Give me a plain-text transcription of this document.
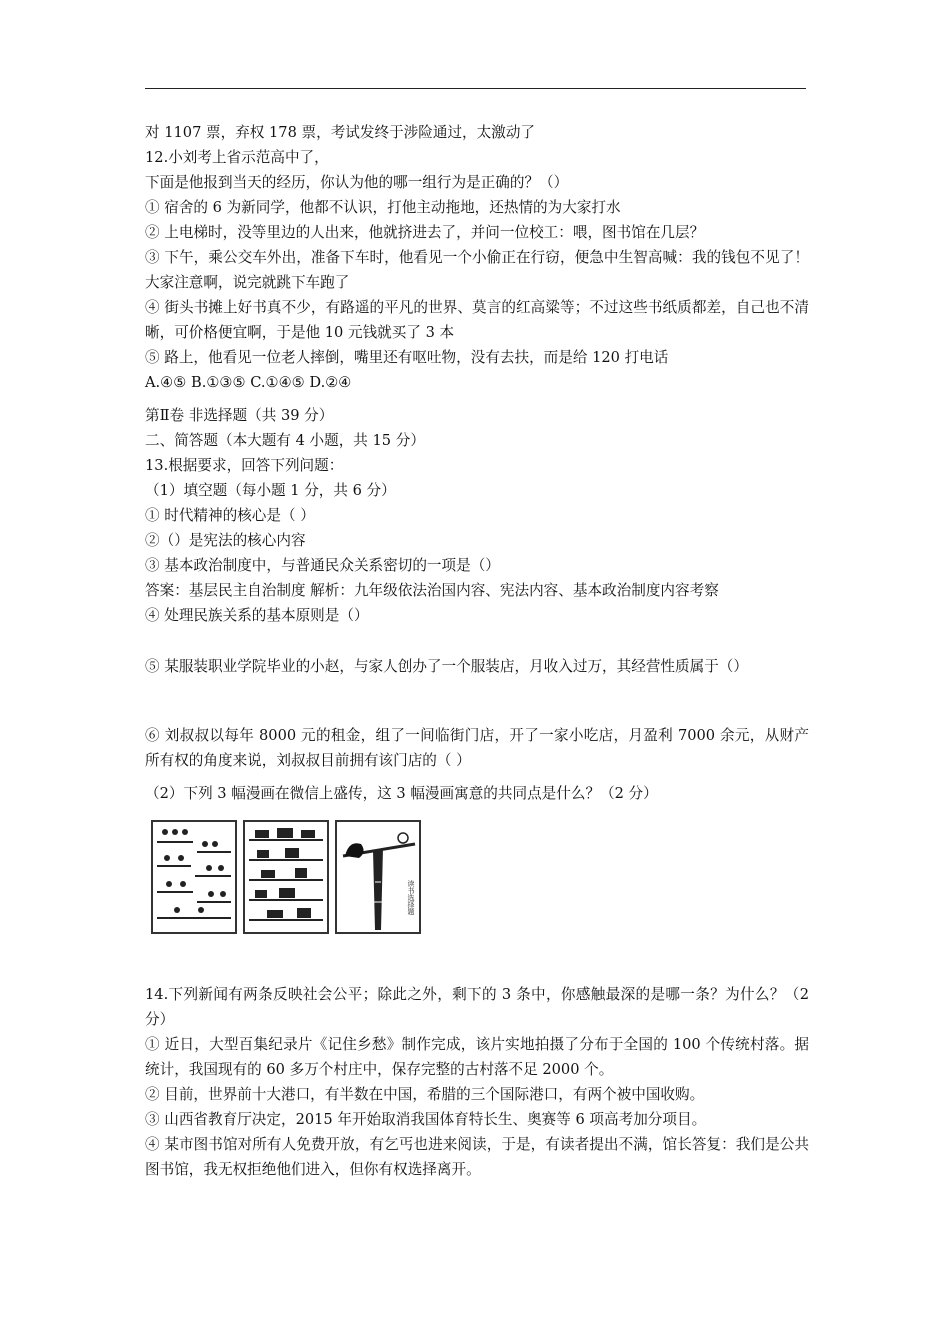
对 1107 票，弃权 178 票，考试发终于涉险通过，太激动了
12.小刘考上省示范高中了，
下面是他报到当天的经历，你认为他的哪一组行为是正确的？（）
① 宿舍的 6 为新同学，他都不认识，打他主动拖地，还热情的为大家打水
② 上电梯时，没等里边的人出来，他就挤进去了，并问一位校工：喂，图书馆在几层？
③ 下午，乘公交车外出，准备下车时，他看见一个小偷正在行窃，便急中生智高喊：我的钱包不见了！大家注意啊，说完就跳下车跑了
④ 街头书摊上好书真不少，有路遥的平凡的世界、莫言的红高粱等；不过这些书纸质都差，自己也不清晰，可价格便宜啊，于是他 10 元钱就买了 3 本
⑤ 路上，他看见一位老人摔倒，嘴里还有呕吐物，没有去扶，而是给 120 打电话
A.④⑤ B.①③⑤ C.①④⑤ D.②④
第Ⅱ卷 非选择题（共 39 分）
二、简答题（本大题有 4 小题，共 15 分）
13.根据要求，回答下列问题：
（1）填空题（每小题 1 分，共 6 分）
① 时代精神的核心是（ ）
②（）是宪法的核心内容
③ 基本政治制度中，与普通民众关系密切的一项是（）
答案：基层民主自治制度 解析：九年级依法治国内容、宪法内容、基本政治制度内容考察
④ 处理民族关系的基本原则是（）
⑤ 某服装职业学院毕业的小赵，与家人创办了一个服装店，月收入过万，其经营性质属于（）
⑥ 刘叔叔以每年 8000 元的租金，组了一间临街门店，开了一家小吃店，月盈利 7000 余元，从财产所有权的角度来说，刘叔叔目前拥有该门店的（ ）
（2）下列 3 幅漫画在微信上盛传，这 3 幅漫画寓意的共同点是什么？（2 分）
读书选择题
14.下列新闻有两条反映社会公平；除此之外，剩下的 3 条中，你感触最深的是哪一条？为什么？（2 分）
① 近日，大型百集纪录片《记住乡愁》制作完成，该片实地拍摄了分布于全国的 100 个传统村落。据统计，我国现有的 60 多万个村庄中，保存完整的古村落不足 2000 个。
② 目前，世界前十大港口，有半数在中国，希腊的三个国际港口，有两个被中国收购。
③ 山西省教育厅决定，2015 年开始取消我国体育特长生、奥赛等 6 项高考加分项目。
④ 某市图书馆对所有人免费开放，有乞丐也进来阅读，于是，有读者提出不满，馆长答复：我们是公共图书馆，我无权拒绝他们进入，但你有权选择离开。
